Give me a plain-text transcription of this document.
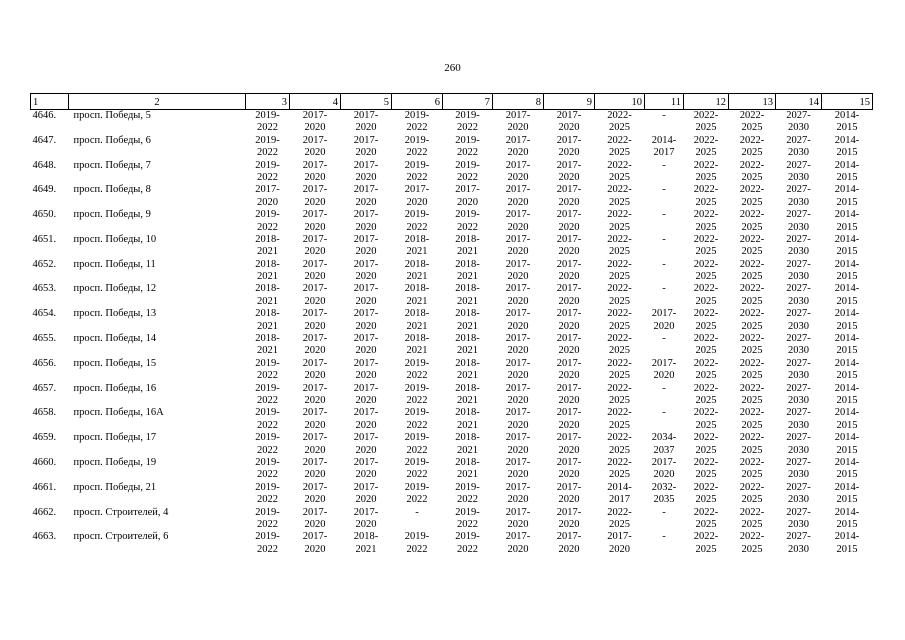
260
1	2	3	4	5	6	7	8	9	10	11	12	13	14	15
4646.	просп. Победы, 5	2019-
2022	2017-
2020	2017-
2020	2019-
2022	2019-
2022	2017-
2020	2017-
2020	2022-
2025	-	2022-
2025	2022-
2025	2027-
2030	2014-
2015

4647.	просп. Победы, 6	2019-
2022	2017-
2020	2017-
2020	2019-
2022	2019-
2022	2017-
2020	2017-
2020	2022-
2025	2014-
2017	2022-
2025	2022-
2025	2027-
2030	2014-
2015

4648.	просп. Победы, 7	2019-
2022	2017-
2020	2017-
2020	2019-
2022	2019-
2022	2017-
2020	2017-
2020	2022-
2025	-	2022-
2025	2022-
2025	2027-
2030	2014-
2015

4649.	просп. Победы, 8	2017-
2020	2017-
2020	2017-
2020	2017-
2020	2017-
2020	2017-
2020	2017-
2020	2022-
2025	-	2022-
2025	2022-
2025	2027-
2030	2014-
2015

4650.	просп. Победы, 9	2019-
2022	2017-
2020	2017-
2020	2019-
2022	2019-
2022	2017-
2020	2017-
2020	2022-
2025	-	2022-
2025	2022-
2025	2027-
2030	2014-
2015

4651.	просп. Победы, 10	2018-
2021	2017-
2020	2017-
2020	2018-
2021	2018-
2021	2017-
2020	2017-
2020	2022-
2025	-	2022-
2025	2022-
2025	2027-
2030	2014-
2015

4652.	просп. Победы, 11	2018-
2021	2017-
2020	2017-
2020	2018-
2021	2018-
2021	2017-
2020	2017-
2020	2022-
2025	-	2022-
2025	2022-
2025	2027-
2030	2014-
2015

4653.	просп. Победы, 12	2018-
2021	2017-
2020	2017-
2020	2018-
2021	2018-
2021	2017-
2020	2017-
2020	2022-
2025	-	2022-
2025	2022-
2025	2027-
2030	2014-
2015

4654.	просп. Победы, 13	2018-
2021	2017-
2020	2017-
2020	2018-
2021	2018-
2021	2017-
2020	2017-
2020	2022-
2025	2017-
2020	2022-
2025	2022-
2025	2027-
2030	2014-
2015

4655.	просп. Победы, 14	2018-
2021	2017-
2020	2017-
2020	2018-
2021	2018-
2021	2017-
2020	2017-
2020	2022-
2025	-	2022-
2025	2022-
2025	2027-
2030	2014-
2015

4656.	просп. Победы, 15	2019-
2022	2017-
2020	2017-
2020	2019-
2022	2018-
2021	2017-
2020	2017-
2020	2022-
2025	2017-
2020	2022-
2025	2022-
2025	2027-
2030	2014-
2015

4657.	просп. Победы, 16	2019-
2022	2017-
2020	2017-
2020	2019-
2022	2018-
2021	2017-
2020	2017-
2020	2022-
2025	-	2022-
2025	2022-
2025	2027-
2030	2014-
2015

4658.	просп. Победы, 16А	2019-
2022	2017-
2020	2017-
2020	2019-
2022	2018-
2021	2017-
2020	2017-
2020	2022-
2025	-	2022-
2025	2022-
2025	2027-
2030	2014-
2015

4659.	просп. Победы, 17	2019-
2022	2017-
2020	2017-
2020	2019-
2022	2018-
2021	2017-
2020	2017-
2020	2022-
2025	2034-
2037	2022-
2025	2022-
2025	2027-
2030	2014-
2015

4660.	просп. Победы, 19	2019-
2022	2017-
2020	2017-
2020	2019-
2022	2018-
2021	2017-
2020	2017-
2020	2022-
2025	2017-
2020	2022-
2025	2022-
2025	2027-
2030	2014-
2015

4661.	просп. Победы, 21	2019-
2022	2017-
2020	2017-
2020	2019-
2022	2019-
2022	2017-
2020	2017-
2020	2014-
2017	2032-
2035	2022-
2025	2022-
2025	2027-
2030	2014-
2015

4662.	просп. Строителей, 4	2019-
2022	2017-
2020	2017-
2020	-	2019-
2022	2017-
2020	2017-
2020	2022-
2025	-	2022-
2025	2022-
2025	2027-
2030	2014-
2015

4663.	просп. Строителей, 6	2019-
2022	2017-
2020	2018-
2021	2019-
2022	2019-
2022	2017-
2020	2017-
2020	2017-
2020	-	2022-
2025	2022-
2025	2027-
2030	2014-
2015
